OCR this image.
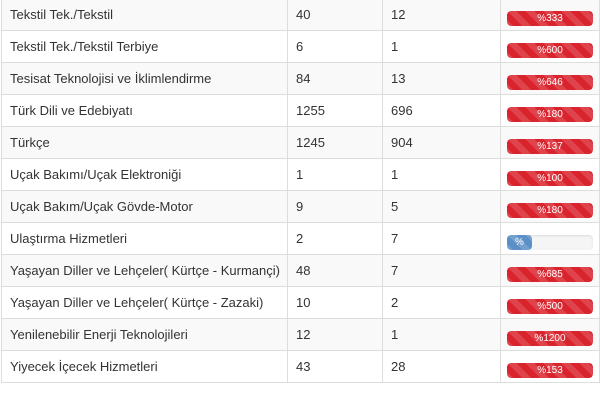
Tekstil Tek./Tekstil	40	12	%333

Tekstil Tek./Tekstil Terbiye	6	1	%600

Tesisat Teknolojisi ve İklimlendirme	84	13	%646

Türk Dili ve Edebiyatı	1255	696	%180

Türkçe	1245	904	%137

Uçak Bakımı/Uçak Elektroniği	1	1	%100

Uçak Bakım/Uçak Gövde-Motor	9	5	%180

Ulaştırma Hizmetleri	2	7	%

Yaşayan Diller ve Lehçeler( Kürtçe - Kurmançi)	48	7	%685

Yaşayan Diller ve Lehçeler( Kürtçe - Zazaki)	10	2	%500

Yenilenebilir Enerji Teknolojileri	12	1	%1200

Yiyecek İçecek Hizmetleri	43	28	%153
